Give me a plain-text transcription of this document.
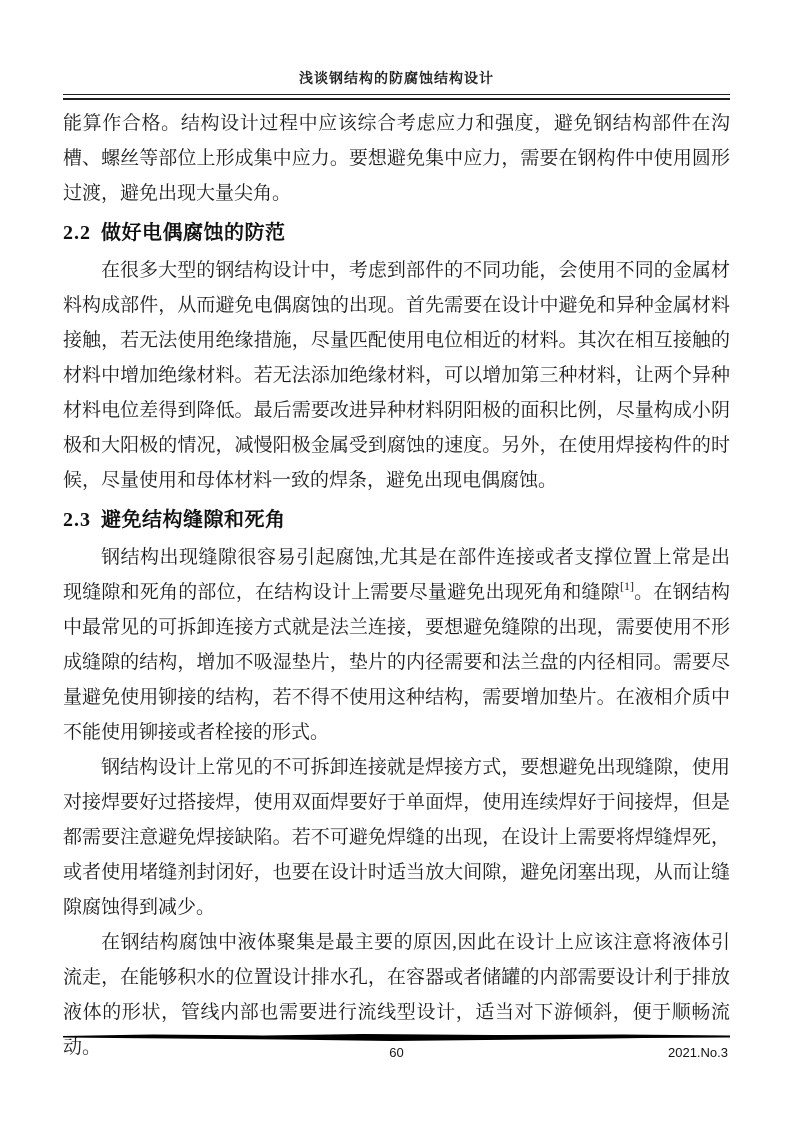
浅谈钢结构的防腐蚀结构设计

能算作合格。结构设计过程中应该综合考虑应力和强度，避免钢结构部件在沟槽、螺丝等部位上形成集中应力。要想避免集中应力，需要在钢构件中使用圆形过渡，避免出现大量尖角。

2.2 做好电偶腐蚀的防范

在很多大型的钢结构设计中，考虑到部件的不同功能，会使用不同的金属材料构成部件，从而避免电偶腐蚀的出现。首先需要在设计中避免和异种金属材料接触，若无法使用绝缘措施，尽量匹配使用电位相近的材料。其次在相互接触的材料中增加绝缘材料。若无法添加绝缘材料，可以增加第三种材料，让两个异种材料电位差得到降低。最后需要改进异种材料阴阳极的面积比例，尽量构成小阴极和大阳极的情况，减慢阳极金属受到腐蚀的速度。另外，在使用焊接构件的时候，尽量使用和母体材料一致的焊条，避免出现电偶腐蚀。

2.3 避免结构缝隙和死角

钢结构出现缝隙很容易引起腐蚀,尤其是在部件连接或者支撑位置上常是出现缝隙和死角的部位，在结构设计上需要尽量避免出现死角和缝隙[1]。在钢结构中最常见的可拆卸连接方式就是法兰连接，要想避免缝隙的出现，需要使用不形成缝隙的结构，增加不吸湿垫片，垫片的内径需要和法兰盘的内径相同。需要尽量避免使用铆接的结构，若不得不使用这种结构，需要增加垫片。在液相介质中不能使用铆接或者栓接的形式。

钢结构设计上常见的不可拆卸连接就是焊接方式，要想避免出现缝隙，使用对接焊要好过搭接焊，使用双面焊要好于单面焊，使用连续焊好于间接焊，但是都需要注意避免焊接缺陷。若不可避免焊缝的出现，在设计上需要将焊缝焊死，或者使用堵缝剂封闭好，也要在设计时适当放大间隙，避免闭塞出现，从而让缝隙腐蚀得到减少。

在钢结构腐蚀中液体聚集是最主要的原因,因此在设计上应该注意将液体引流走，在能够积水的位置设计排水孔，在容器或者储罐的内部需要设计利于排放液体的形状，管线内部也需要进行流线型设计，适当对下游倾斜，便于顺畅流动。	60	2021.No.3
